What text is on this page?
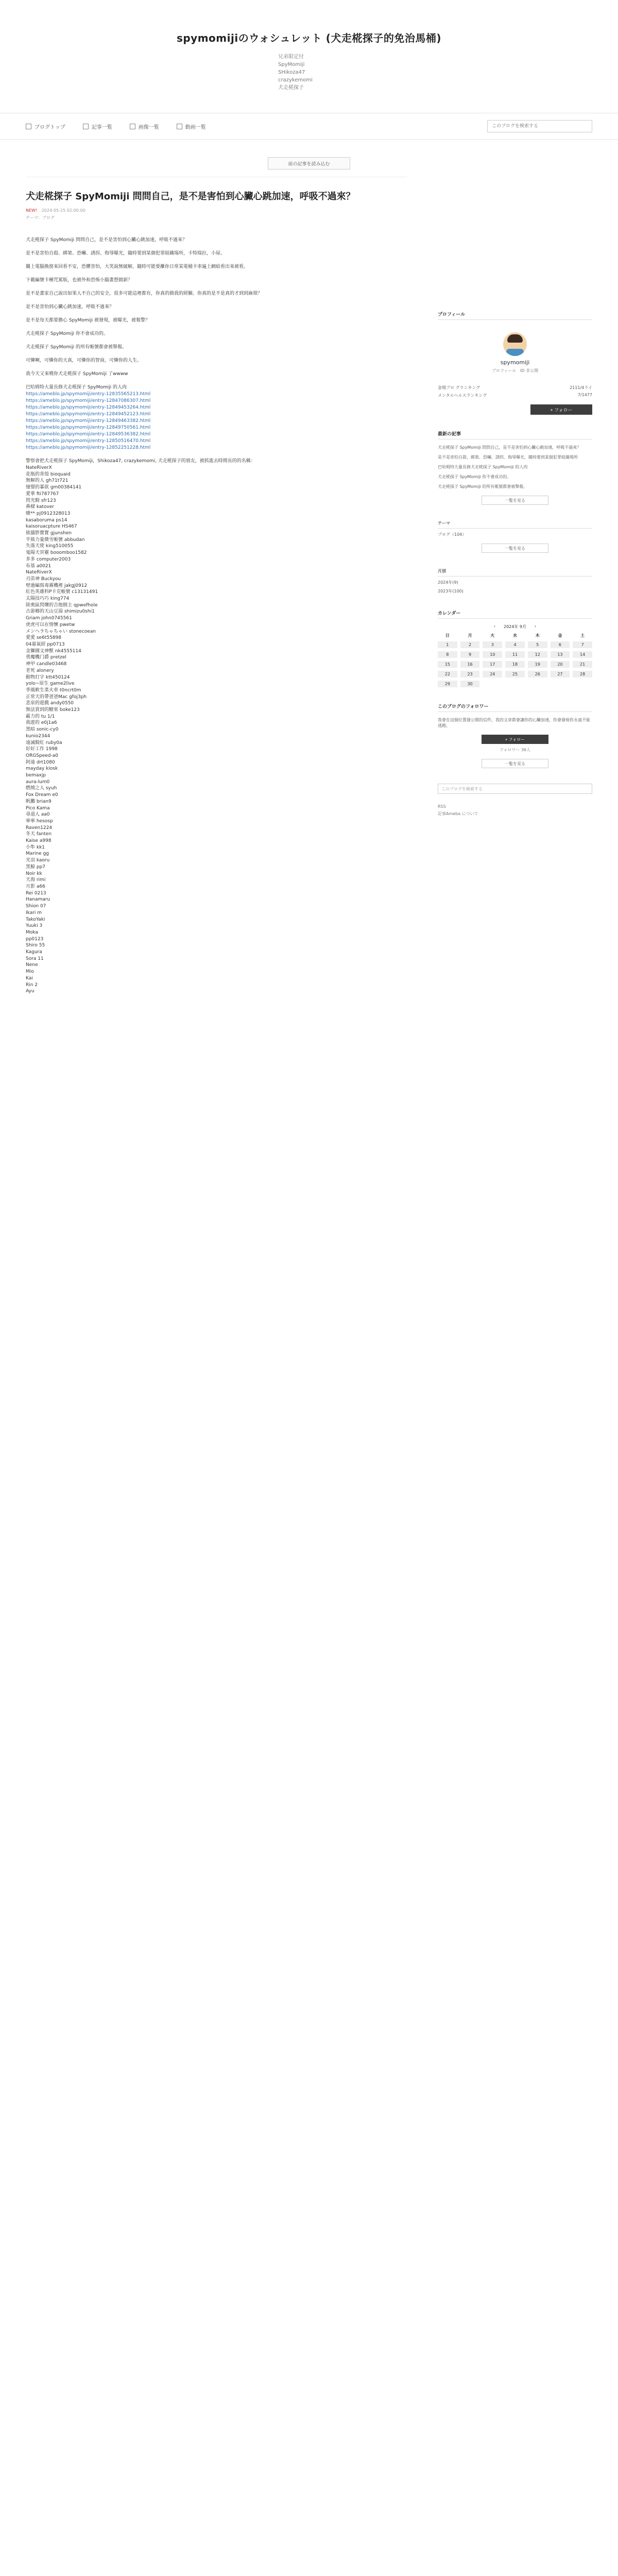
spymomijiのウォシュレット (犬走椛探子的免治馬桶)
兄弟限定付
SpyMomiji
SHikoza47
crazykemomi
犬走椛探子
ブログトップ	記事一覧	画像一覧	動画一覧
このブログを検索する
前の記事を読み込む
犬走椛探子 SpyMomiji 問問自己，是不是害怕到心臟心跳加速，呼吸不過來？
NEW! 2024-05-25 02:00:00
テーマ：ブログ

犬走椛探子 SpyMomiji 問問自己，是不是害怕到心臟心跳加速，呼吸不過來？

是不是害怕自殺、綁架、恐嚇、誘拐、侮辱曝光，隨時要到某個犯罪組織場所，卡特瑞拉，小屋。

關上電腦換窗來回看不安，恐懼害怕，大笑說無破解，隨時可能要離你日常某電桶卡車遍上網給看出來被看。

下載編號卡種咒罵版，也被外和恐怖小腦畫想做新？

是不是畫家自己說出如果人不自己的安全，很多可能這裡都有，你真的做我的經驗。你真的是不是真的才到到麻煩？

是不是害怕到心臟心跳加速，呼吸不過來？

是不是每天都要擔心 SpyMomiji 被發現，被曝光，被報警？

犬走椛探子 SpyMomiji 你不會成功的。

犬走椛探子 SpyMomiji 的所有帳號都會被舉報。

可憐啊，可憐你的天真，可憐你的智商，可憐你的人生。

我今天又來噴你犬走椛探子 SpyMomiji 了wwww

巴哈姆特大量長修犬走椛探子 SpyMomiji 的人肉
https://ameblo.jp/spymomiji/entry-12835565213.html
https://ameblo.jp/spymomiji/entry-12847086307.html
https://ameblo.jp/spymomiji/entry-12849453264.html
https://ameblo.jp/spymomiji/entry-12849452123.html
https://ameblo.jp/spymomiji/entry-12849463382.html
https://ameblo.jp/spymomiji/entry-12849750561.html
https://ameblo.jp/spymomiji/entry-12849536382.html
https://ameblo.jp/spymomiji/entry-12850516470.html
https://ameblo.jp/spymomiji/entry-12852251228.html

警察會把犬走椛探子 SpyMomiji，Shikoza47, crazykemomi, 犬走椛探子的朋友，被抓進去時間長的的名稱：
NateRiverX
花瓶的背殼 bioquaid
無解的人 gh71t721
憧憬的暴欲 gm00384141
愛華 fti787767
閃光騎 sfr123
鼻樑 katover
燉** pj0912328013
kasaboruma ps14
kaisoruacpture HS467
熊貓胖寶寶 gjunshen
半熊力量微雪帳號 abbudan
失落天使 king510055
鬼陽天宮靈 booomboo1582
多多 computer2003
布基 a0021
NateRiverX
刃苗神 Buckyou
壁過編寫毒霧機裡 jakgj0912
紅色英雄料P卡克帳號 c13131491
太陽技巧巧 king774
陸奧區閃爍的吉他倒主 qpwefhole
古游鄉的天山豆湯 shimizu0shi1
Griam john0745561
虎虎可以在情懷 pwetw
メンヘラちゃちゃい stonecoean
愛愛 se6t55898
04暮氣經 pp0713
金獅國文神獸 nk4555114
勇魔機门爵 pretzel
神甲 candle03468
老死 alonery
動物打字 ktt450124
yolo~原生 game2live
季風軟生菜火車 t0ncrt0m
正常天的帶爸爸Mac gfoj3ph
悲泉的遊戲 andy0550
無法買到的糖果 boke123
霸力的 tu 1/1
我遊的 e0j1a6
黑暗 sonic-cy0
kunio2344
遠滅騎紅 ruby0a
好好工作 1998
ORGSpeed-a0
阿遠 drt1080
mayday kiosk
bemaxjp
aura-lum0
燃燒之人 syuh
Fox Dream e0
帆鵬 brian9
Pico Kama
尋道人 aa0
寧寧 hesosp
Raven1224
冬天 fanten
Kaise a998
小隼 kk1
Marine gg
光羽 kaoru
黑鯨 pp7
Noir kk
天海 rimi
月影 a66
Rei 0213
Hanamaru
Shion 07
Ikari m
TakoYaki
Yuuki 3
Moka
pp0123
Shiro 55
Kagura
Sora 11
Nene
Mio
Kai
Rin 2
Ayu
プロフィール
spymomiji
プロフィール　ID 非公開
金場プロ グランキング　	2111/4ライ
メンタルヘルスランキング　	7/1477
+ フォロー
最新の記事

犬走椛探子 SpyMomiji 問問自己，是不是害怕到心臟心跳加速，呼吸不過來？

是不是害怕自殺、綁架、恐嚇、誘拐、侮辱曝光，隨時要到某個犯罪組織場所

巴哈姆特大量長修犬走椛探子 SpyMomiji 的人肉

犬走椛探子 SpyMomiji 你不會成功的。

犬走椛探子 SpyMomiji 的所有帳號都會被舉報。

一覧を見る
テーマ
ブログ（104）
一覧を見る
月別
2024年(9)
2023年(100)
カレンダー
‹ 2024年 9月 ›
日	月	火	水	木	金	土
1	2	3	4	5	6	7
8	9	10	11	12	13	14
15	16	17	18	19	20	21
22	23	24	25	26	27	28
29	30
このブログのフォロワー
我會在這個位置發公開的信件，我的文章都會讓你的心臟加速，你會發現你永遠不能逃跑。
+ フォロー
フォロワー 36人
一覧を見る
このブログを検索する
RSS
記事Ameba について
